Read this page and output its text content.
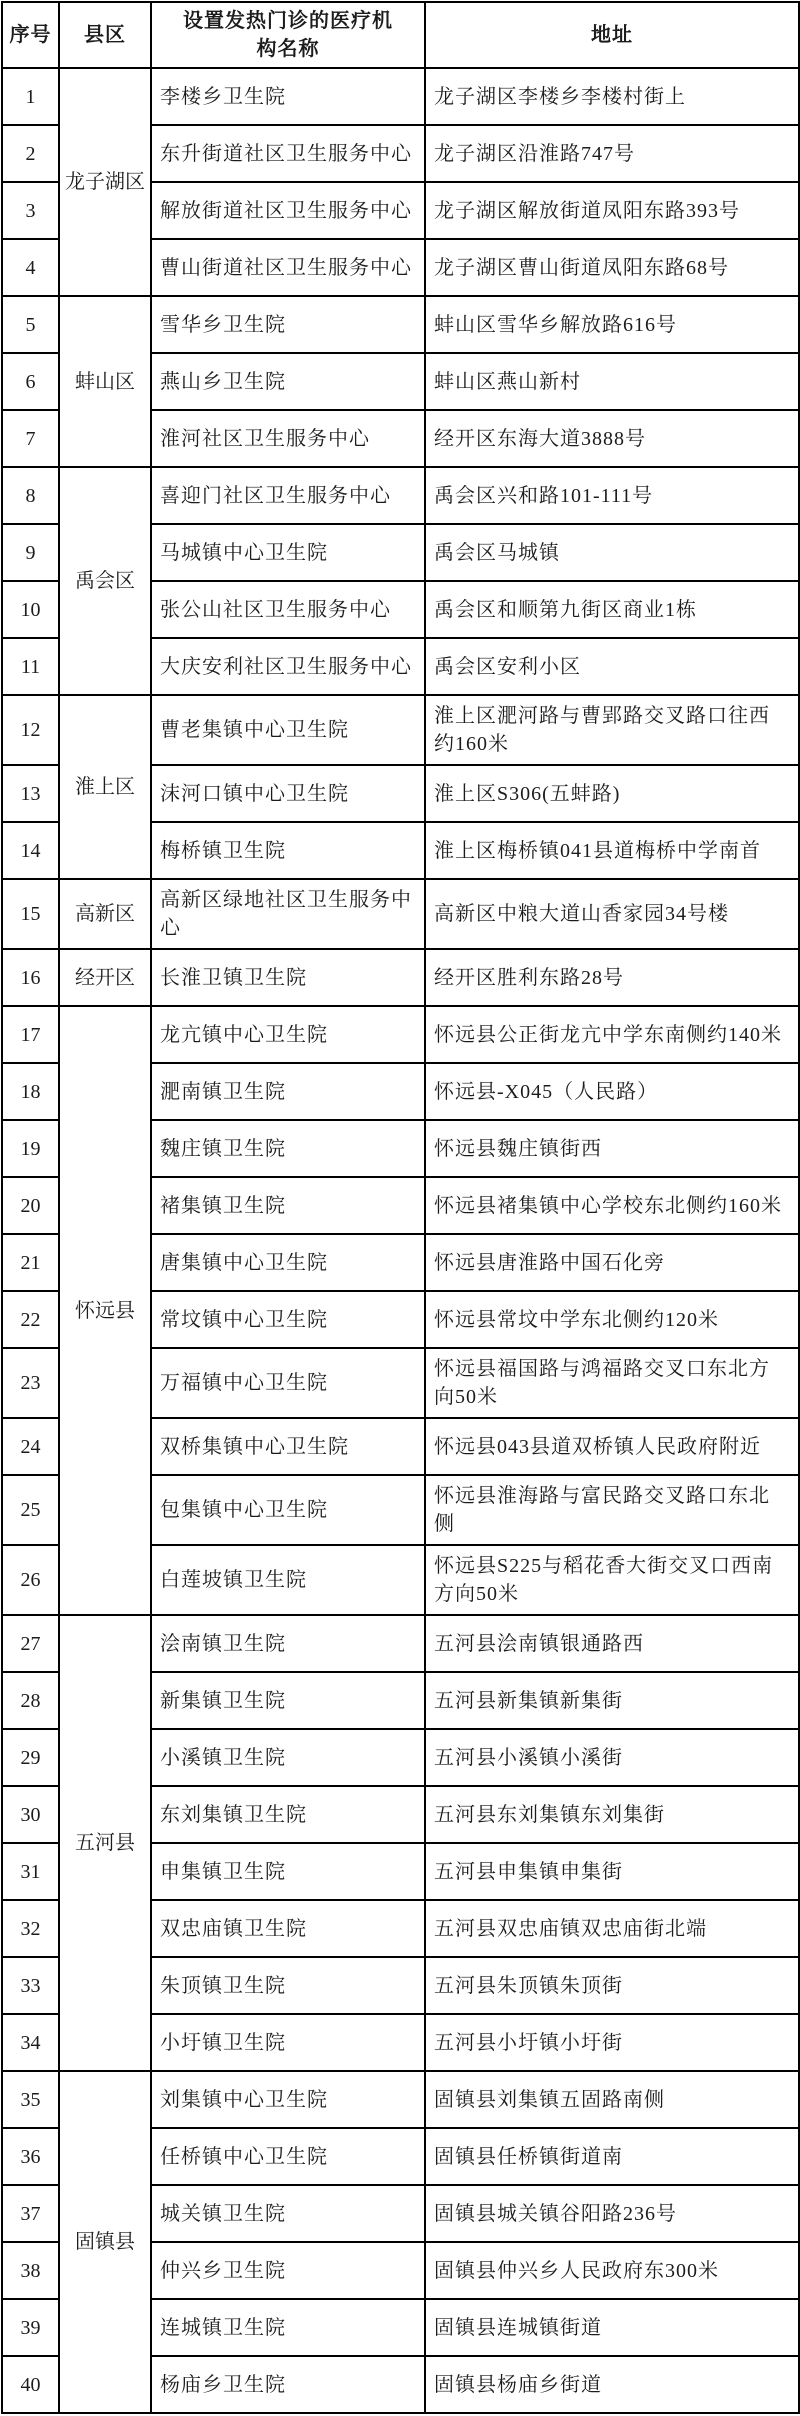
序号	县区	设置发热门诊的医疗机构名称	地址
1	龙子湖区	李楼乡卫生院	龙子湖区李楼乡李楼村街上
2		东升街道社区卫生服务中心	龙子湖区沿淮路747号
3		解放街道社区卫生服务中心	龙子湖区解放街道凤阳东路393号
4		曹山街道社区卫生服务中心	龙子湖区曹山街道凤阳东路68号
5	蚌山区	雪华乡卫生院	蚌山区雪华乡解放路616号
6		燕山乡卫生院	蚌山区燕山新村
7		淮河社区卫生服务中心	经开区东海大道3888号
8	禹会区	喜迎门社区卫生服务中心	禹会区兴和路101-111号
9		马城镇中心卫生院	禹会区马城镇
10		张公山社区卫生服务中心	禹会区和顺第九街区商业1栋
11		大庆安利社区卫生服务中心	禹会区安利小区
12	淮上区	曹老集镇中心卫生院	淮上区淝河路与曹郢路交叉路口往西约160米
13		沫河口镇中心卫生院	淮上区S306(五蚌路)
14		梅桥镇卫生院	淮上区梅桥镇041县道梅桥中学南首
15	高新区	高新区绿地社区卫生服务中心	高新区中粮大道山香家园34号楼
16	经开区	长淮卫镇卫生院	经开区胜利东路28号
17	怀远县	龙亢镇中心卫生院	怀远县公正街龙亢中学东南侧约140米
18		淝南镇卫生院	怀远县-X045（人民路）
19		魏庄镇卫生院	怀远县魏庄镇街西
20		褚集镇卫生院	怀远县褚集镇中心学校东北侧约160米
21		唐集镇中心卫生院	怀远县唐淮路中国石化旁
22		常坟镇中心卫生院	怀远县常坟中学东北侧约120米
23		万福镇中心卫生院	怀远县福国路与鸿福路交叉口东北方向50米
24		双桥集镇中心卫生院	怀远县043县道双桥镇人民政府附近
25		包集镇中心卫生院	怀远县淮海路与富民路交叉路口东北侧
26		白莲坡镇卫生院	怀远县S225与稻花香大街交叉口西南方向50米
27	五河县	浍南镇卫生院	五河县浍南镇银通路西
28		新集镇卫生院	五河县新集镇新集街
29		小溪镇卫生院	五河县小溪镇小溪街
30		东刘集镇卫生院	五河县东刘集镇东刘集街
31		申集镇卫生院	五河县申集镇申集街
32		双忠庙镇卫生院	五河县双忠庙镇双忠庙街北端
33		朱顶镇卫生院	五河县朱顶镇朱顶街
34		小圩镇卫生院	五河县小圩镇小圩街
35	固镇县	刘集镇中心卫生院	固镇县刘集镇五固路南侧
36		任桥镇中心卫生院	固镇县任桥镇街道南
37		城关镇卫生院	固镇县城关镇谷阳路236号
38		仲兴乡卫生院	固镇县仲兴乡人民政府东300米
39		连城镇卫生院	固镇县连城镇街道
40		杨庙乡卫生院	固镇县杨庙乡街道
